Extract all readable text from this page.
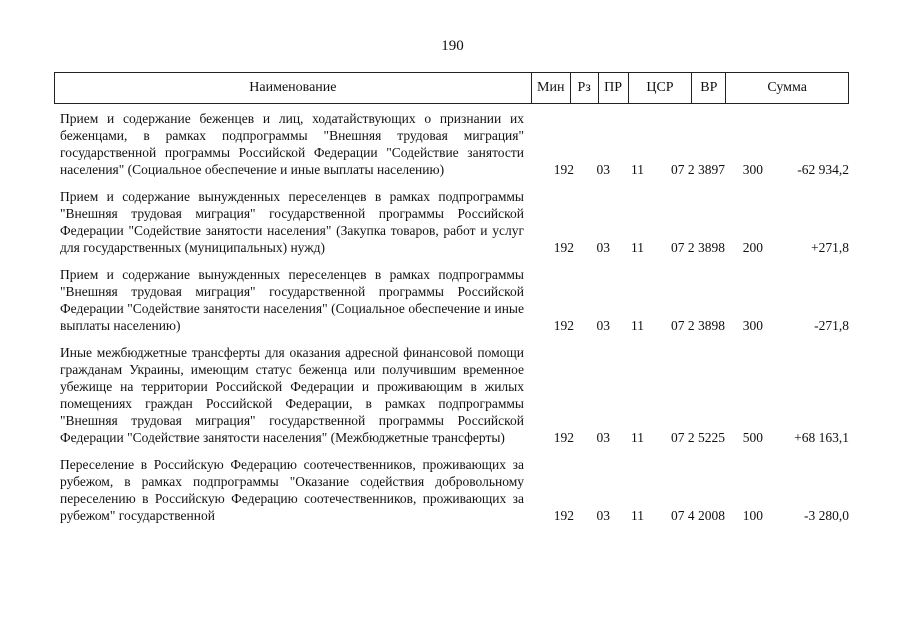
190
Наименование	Мин Рз ПР	ЦСР	ВР	Сумма
Прием и содержание беженцев и лиц, ходатайствующих о признании их беженцами, в рамках подпрограммы "Внешняя трудовая миграция" государственной программы Российской Федерации "Содействие занятости населения" (Социальное обеспечение и иные выплаты населению)	192	03	11	07 2 3897	300	-62 934,2
Прием и содержание вынужденных переселенцев в рамках подпрограммы "Внешняя трудовая миграция" государственной программы Российской Федерации "Содействие занятости населения" (Закупка товаров, работ и услуг для государственных (муниципальных) нужд)	192	03	11	07 2 3898	200	+271,8
Прием и содержание вынужденных переселенцев в рамках подпрограммы "Внешняя трудовая миграция" государственной программы Российской Федерации "Содействие занятости населения" (Социальное обеспечение и иные выплаты населению)	192	03	11	07 2 3898	300	-271,8
Иные межбюджетные трансферты для оказания адресной финансовой помощи гражданам Украины, имеющим статус беженца или получившим временное убежище на территории Российской Федерации и проживающим в жилых помещениях граждан Российской Федерации, в рамках подпрограммы "Внешняя трудовая миграция" государственной программы Российской Федерации "Содействие занятости населения" (Межбюджетные трансферты)	192	03	11	07 2 5225	500	+68 163,1
Переселение в Российскую Федерацию соотечественников, проживающих за рубежом, в рамках подпрограммы "Оказание содействия добровольному переселению в Российскую Федерацию соотечественников, проживающих за рубежом" государственной	192	03	11	07 4 2008	100	-3 280,0
